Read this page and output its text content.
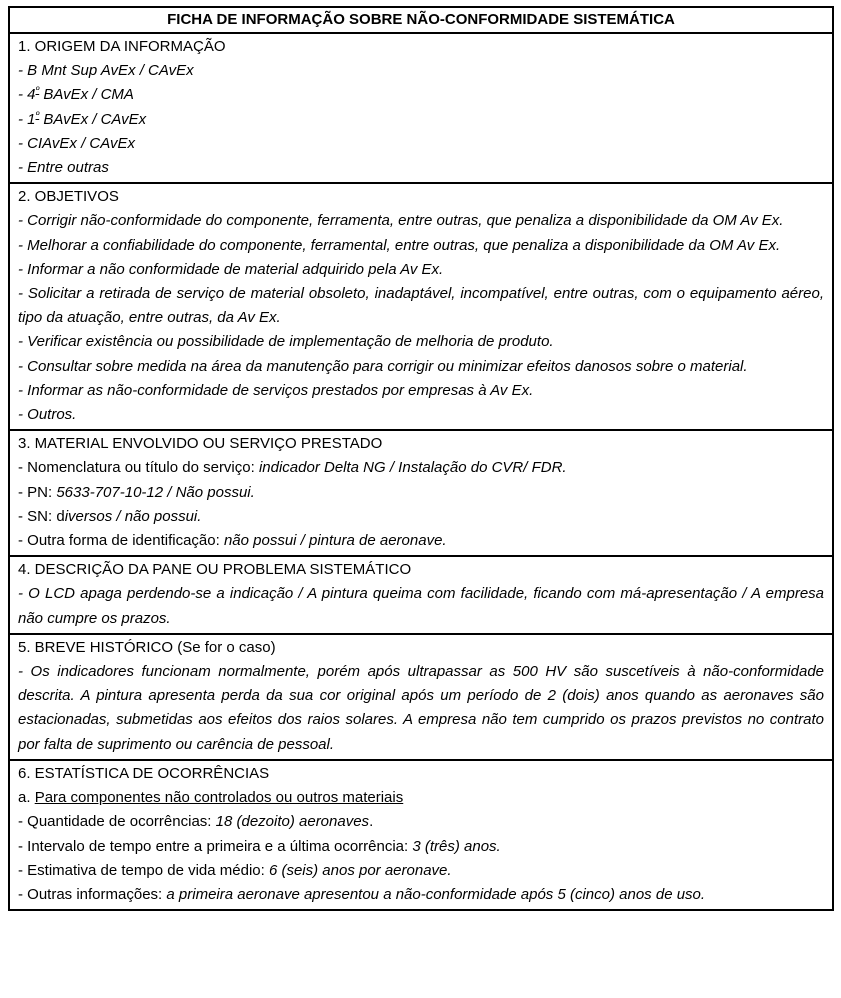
FICHA DE INFORMAÇÃO SOBRE NÃO-CONFORMIDADE SISTEMÁTICA
1. ORIGEM DA INFORMAÇÃO
- B Mnt Sup AvEx / CAvEx
- $4^º$ BAvEx / CMA
- $1^º$ BAvEx / CAvEx
- CIAvEx / CAvEx
- Entre outras
2. OBJETIVOS
- Corrigir não-conformidade do componente, ferramenta, entre outras, que penaliza a disponibilidade da OM Av Ex.
- Melhorar a confiabilidade do componente, ferramental, entre outras, que penaliza a disponibilidade da OM Av Ex.
- Informar a não conformidade de material adquirido pela Av Ex.
- Solicitar a retirada de serviço de material obsoleto, inadaptável, incompatível, entre outras, com o equipamento aéreo, tipo da atuação, entre outras, da Av Ex.
- Verificar existência ou possibilidade de implementação de melhoria de produto.
- Consultar sobre medida na área da manutenção para corrigir ou minimizar efeitos danosos sobre o material.
- Informar as não-conformidade de serviços prestados por empresas à Av Ex.
- Outros.
3. MATERIAL ENVOLVIDO OU SERVIÇO PRESTADO
- Nomenclatura ou título do serviço: indicador Delta NG / Instalação do CVR/ FDR.
- PN: 5633-707-10-12 / Não possui.
- SN: diversos / não possui.
- Outra forma de identificação: não possui / pintura de aeronave.
4. DESCRIÇÃO DA PANE OU PROBLEMA SISTEMÁTICO
- O LCD apaga perdendo-se a indicação / A pintura queima com facilidade, ficando com má-apresentação / A empresa não cumpre os prazos.
5. BREVE HISTÓRICO (Se for o caso)
- Os indicadores funcionam normalmente, porém após ultrapassar as 500 HV são suscetíveis à não-conformidade descrita. A pintura apresenta perda da sua cor original após um período de 2 (dois) anos quando as aeronaves são estacionadas, submetidas aos efeitos dos raios solares. A empresa não tem cumprido os prazos previstos no contrato por falta de suprimento ou carência de pessoal.
6. ESTATÍSTICA DE OCORRÊNCIAS
a. Para componentes não controlados ou outros materiais
- Quantidade de ocorrências: 18 (dezoito) aeronaves.
- Intervalo de tempo entre a primeira e a última ocorrência: 3 (três) anos.
- Estimativa de tempo de vida médio: 6 (seis) anos por aeronave.
- Outras informações: a primeira aeronave apresentou a não-conformidade após 5 (cinco) anos de uso.
